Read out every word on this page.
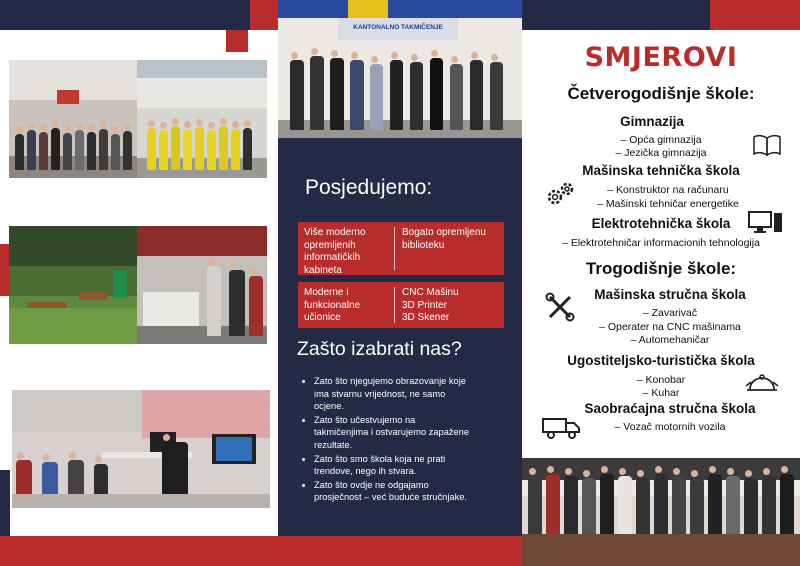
KANTONALNO TAKMIČENJE
Posjedujemo:
Više moderno opremljenih informatičkih kabineta
Bogato opremljenu biblioteku
Moderne i funkcionalne učionice
CNC Mašinu
3D Printer
3D Skener
Zašto izabrati nas?
• Zato što njegujemo obrazovanje koje ima stvarnu vrijednost, ne samo ocjene.
• Zato što učestvujemo na takmičenjima i ostvarujemo zapažene rezultate.
• Zato što smo škola koja ne prati trendove, nego ih stvara.
• Zato što ovdje ne odgajamo prosječnost – već buduće stručnjake.
SMJEROVI
Četverogodišnje škole:
Gimnazija
– Opća gimnazija
– Jezička gimnazija
Mašinska tehnička škola
– Konstruktor na računaru
– Mašinski tehničar energetike
Elektrotehnička škola
– Elektrotehničar informacionih tehnologija
Trogodišnje škole:
Mašinska stručna škola
– Zavarivač
– Operater na CNC mašinama
– Automehaničar
Ugostiteljsko-turistička škola
– Konobar
– Kuhar
Saobraćajna stručna škola
– Vozač motornih vozila
